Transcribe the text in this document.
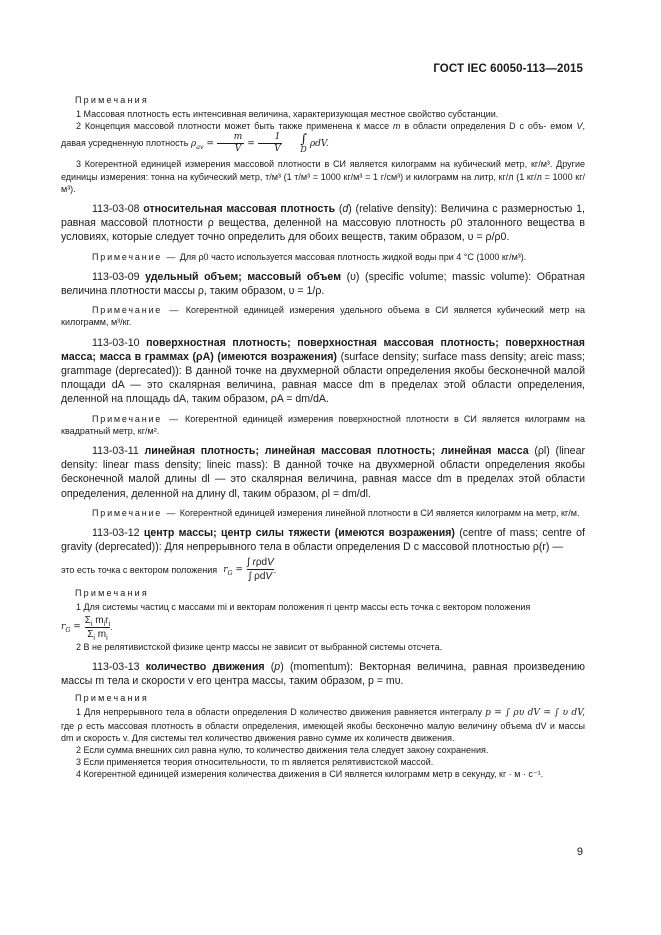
ГОСТ IEC 60050-113—2015
Примечания

1 Массовая плотность есть интенсивная величина, характеризующая местное свойство субстанции.

2 Концепция массовой плотности может быть также применена к массе m в области определения D с объ- емом V, давая усредненную плотность $\rho_{av} = \frac{m}{V} = \frac{1}{V}$ ∫
D
ρdV.

3 Когерентной единицей измерения массовой плотности в СИ является килограмм на кубический метр, кг/м³. Другие единицы измерения: тонна на кубический метр, т/м³ (1 т/м³ = 1000 кг/м³ = 1 г/см³) и килограмм на литр, кг/л (1 кг/л = 1000 кг/м³).

113-03-08 относительная массовая плотность (d) (relative density): Величина с размерностью 1, равная массовой плотности ρ вещества, деленной на массовую плотность ρ0 эталонного вещества в условиях, которые следует точно определить для обоих веществ, таким образом, υ = ρ/ρ0.

Примечание — Для ρ0 часто используется массовая плотность жидкой воды при 4 °C (1000 кг/м³).

113-03-09 удельный объем; массовый объем (υ) (specific volume; massic volume): Обратная величина плотности массы ρ, таким образом, υ = 1/ρ.

Примечание — Когерентной единицей измерения удельного объема в СИ является кубический метр на килограмм, м³/кг.

113-03-10 поверхностная плотность; поверхностная массовая плотность; поверхностная масса; масса в граммах (ρA) (имеются возражения) (surface density; surface mass density; areic mass; grammage (deprecated)): В данной точке на двухмерной области определения якобы бесконечной малой площади dA — это скалярная величина, равная массе dm в пределах этой области определения, деленной на площадь dA, таким образом, ρA = dm/dA.

Примечание — Когерентной единицей измерения поверхностной плотности в СИ является килограмм на квадратный метр, кг/м².

113-03-11 линейная плотность; линейная массовая плотность; линейная масса (ρl) (linear density: linear mass density; lineic mass): В данной точке на двухмерной области определения якобы бесконечной малой длины dl — это скалярная величина, равная массе dm в пределах этой области определения, деленной на длину dl, таким образом, ρl = dm/dl.

Примечание — Когерентной единицей измерения линейной плотности в СИ является килограмм на метр, кг/м.

113-03-12 центр массы; центр силы тяжести (имеются возражения) (centre of mass; centre of gravity (deprecated)): Для непрерывного тела в области определения D с массовой плотностью ρ(r) —

это есть точка с вектором положения $r_G$ =
∫ rρdV
∫ ρdV
.
Примечания

1 Для системы частиц с массами mi и векторам положения ri центр массы есть точка с вектором положения

$r_G$ =
$\Sigma_i$ $m_ir_i$
$\Sigma_i$ $m_i$
.

2 В не релятивистской физике центр массы не зависит от выбранной системы отсчета.

113-03-13 количество движения (p) (momentum): Векторная величина, равная произведению массы m тела и скорости v его центра массы, таким образом, p = mυ.

Примечания

1 Для непрерывного тела в области определения D количество движения равняется интегралу p = ∫ ρυ dV = ∫ υ dV, где ρ есть массовая плотность в области определения, имеющей якобы бесконечно малую величину объема dV и массы dm и скорость v. Для системы тел количество движения равно сумме их количеств движения.

2 Если сумма внешних сил равна нулю, то количество движения тела следует закону сохранения.

3 Если применяется теория относительности, то m является релятивистской массой.

4 Когерентной единицей измерения количества движения в СИ является килограмм метр в секунду, кг · м · с⁻¹.

9
